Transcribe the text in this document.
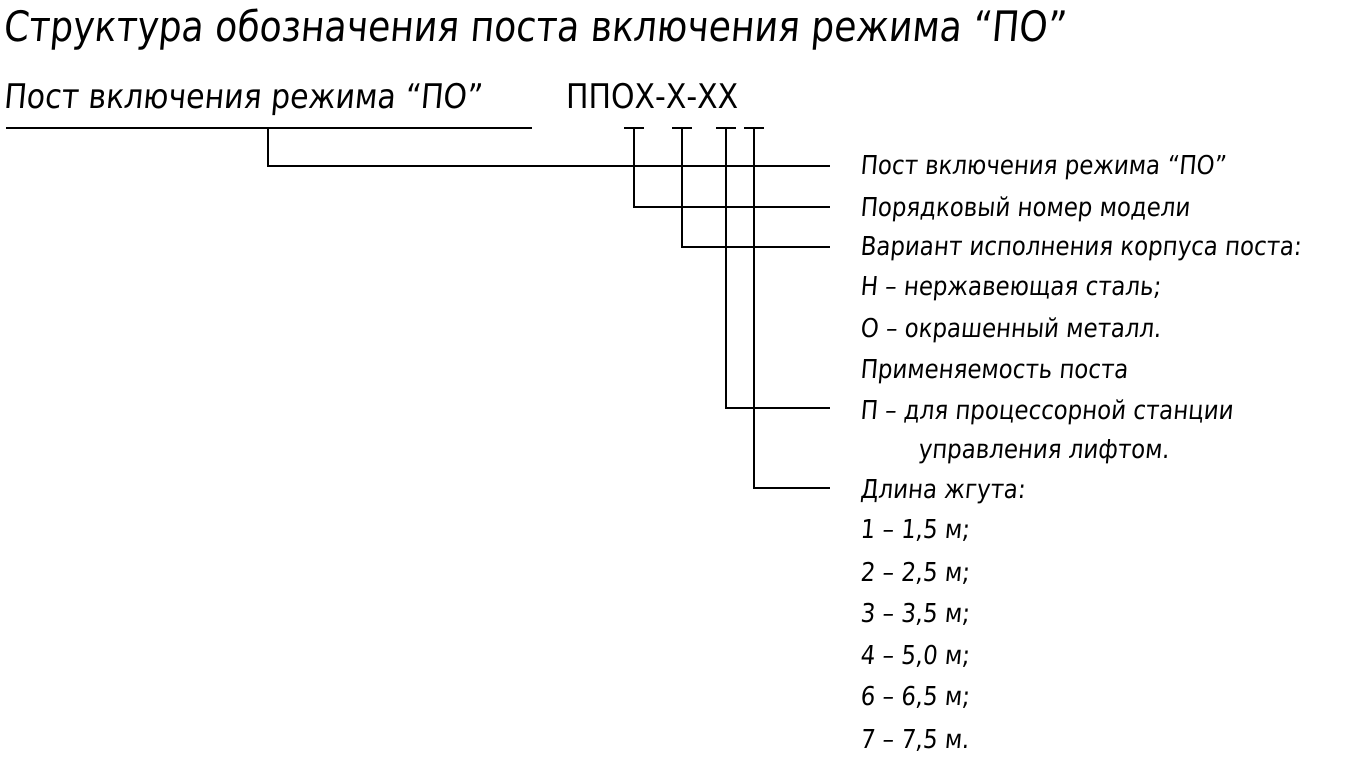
Структура обозначения поста включения режима “ПО”
Пост включения режима “ПО” ППОХ-Х-ХХ
Пост включения режима “ПО”
Порядковый номер модели
Вариант исполнения корпуса поста:
Н – нержавеющая сталь;
О – окрашенный металл.
Применяемость поста
П – для процессорной станции
управления лифтом.
Длина жгута:
1 – 1,5 м;
2 – 2,5 м;
3 – 3,5 м;
4 – 5,0 м;
6 – 6,5 м;
7 – 7,5 м.
